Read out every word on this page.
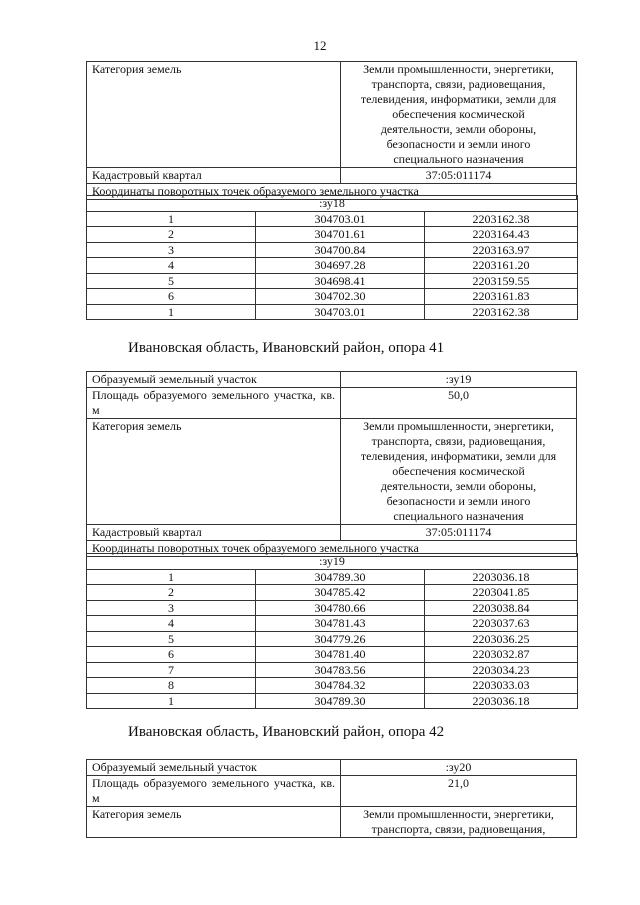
12
Категория земель	Земли промышленности, энергетики,
транспорта, связи, радиовещания,
телевидения, информатики, земли для
обеспечения космической
деятельности, земли обороны,
безопасности и земли иного
специального назначения

Кадастровый квартал	37:05:011174
Координаты поворотных точек образуемого земельного участка	
:зу18		
1	304703.01	2203162.38
2	304701.61	2203164.43
3	304700.84	2203163.97
4	304697.28	2203161.20
5	304698.41	2203159.55
6	304702.30	2203161.83
1	304703.01	2203162.38
Ивановская область, Ивановский район, опора 41
Образуемый земельный участок	:зу19
Площадь образуемого земельного участка, кв. м	50,0
Категория земель	Земли промышленности, энергетики,
транспорта, связи, радиовещания,
телевидения, информатики, земли для
обеспечения космической
деятельности, земли обороны,
безопасности и земли иного
специального назначения

Кадастровый квартал	37:05:011174
Координаты поворотных точек образуемого земельного участка	
:зу19		
1	304789.30	2203036.18
2	304785.42	2203041.85
3	304780.66	2203038.84
4	304781.43	2203037.63
5	304779.26	2203036.25
6	304781.40	2203032.87
7	304783.56	2203034.23
8	304784.32	2203033.03
1	304789.30	2203036.18
Ивановская область, Ивановский район, опора 42
Образуемый земельный участок	:зу20
Площадь образуемого земельного участка, кв. м	21,0
Категория земель	Земли промышленности, энергетики,
транспорта, связи, радиовещания,
